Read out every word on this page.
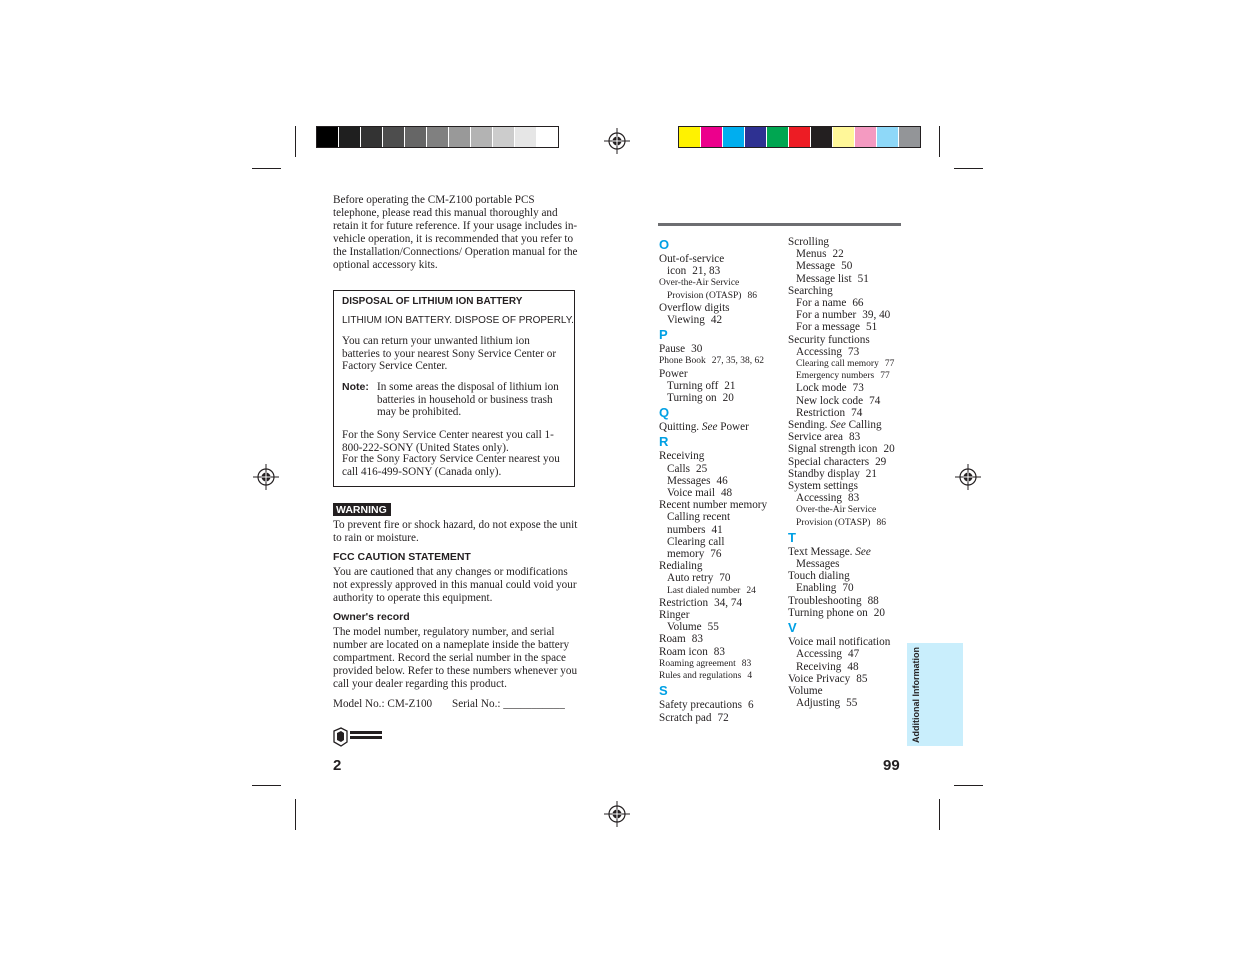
Before operating the CM-Z100 portable PCS telephone, please read this manual thoroughly and retain it for future reference. If your usage includes in-vehicle operation, it is recommended that you refer to the Installation/Connections/ Operation manual for the optional accessory kits.
DISPOSAL OF LITHIUM ION BATTERY
LITHIUM ION BATTERY. DISPOSE OF PROPERLY.
You can return your unwanted lithium ion batteries to your nearest Sony Service Center or Factory Service Center.
Note: In some areas the disposal of lithium ion batteries in household or business trash may be prohibited.
For the Sony Service Center nearest you call 1-800-222-SONY (United States only).
For the Sony Factory Service Center nearest you call 416-499-SONY (Canada only).
WARNING
To prevent fire or shock hazard, do not expose the unit to rain or moisture.
FCC CAUTION STATEMENT
You are cautioned that any changes or modifications not expressly approved in this manual could void your authority to operate this equipment.
Owner's record
The model number, regulatory number, and serial number are located on a nameplate inside the battery compartment. Record the serial number in the space provided below. Refer to these numbers whenever you call your dealer regarding this product.
Model No.: CM-Z100 Serial No.: ___________
2
O
Out-of-service
icon 21, 83
Over-the-Air Service
Provision (OTASP) 86
Overflow digits
Viewing 42
P
Pause 30
Phone Book 27, 35, 38, 62
Power
Turning off 21
Turning on 20
Q
Quitting. See Power
R
Receiving
Calls 25
Messages 46
Voice mail 48
Recent number memory
Calling recent
numbers 41
Clearing call
memory 76
Redialing
Auto retry 70
Last dialed number 24
Restriction 34, 74
Ringer
Volume 55
Roam 83
Roam icon 83
Roaming agreement 83
Rules and regulations 4
S
Safety precautions 6
Scratch pad 72
Scrolling
Menus 22
Message 50
Message list 51
Searching
For a name 66
For a number 39, 40
For a message 51
Security functions
Accessing 73
Clearing call memory 77
Emergency numbers 77
Lock mode 73
New lock code 74
Restriction 74
Sending. See Calling
Service area 83
Signal strength icon 20
Special characters 29
Standby display 21
System settings
Accessing 83
Over-the-Air Service
Provision (OTASP) 86
T
Text Message. See
Messages
Touch dialing
Enabling 70
Troubleshooting 88
Turning phone on 20
V
Voice mail notification
Accessing 47
Receiving 48
Voice Privacy 85
Volume
Adjusting 55	Additional Information
99
